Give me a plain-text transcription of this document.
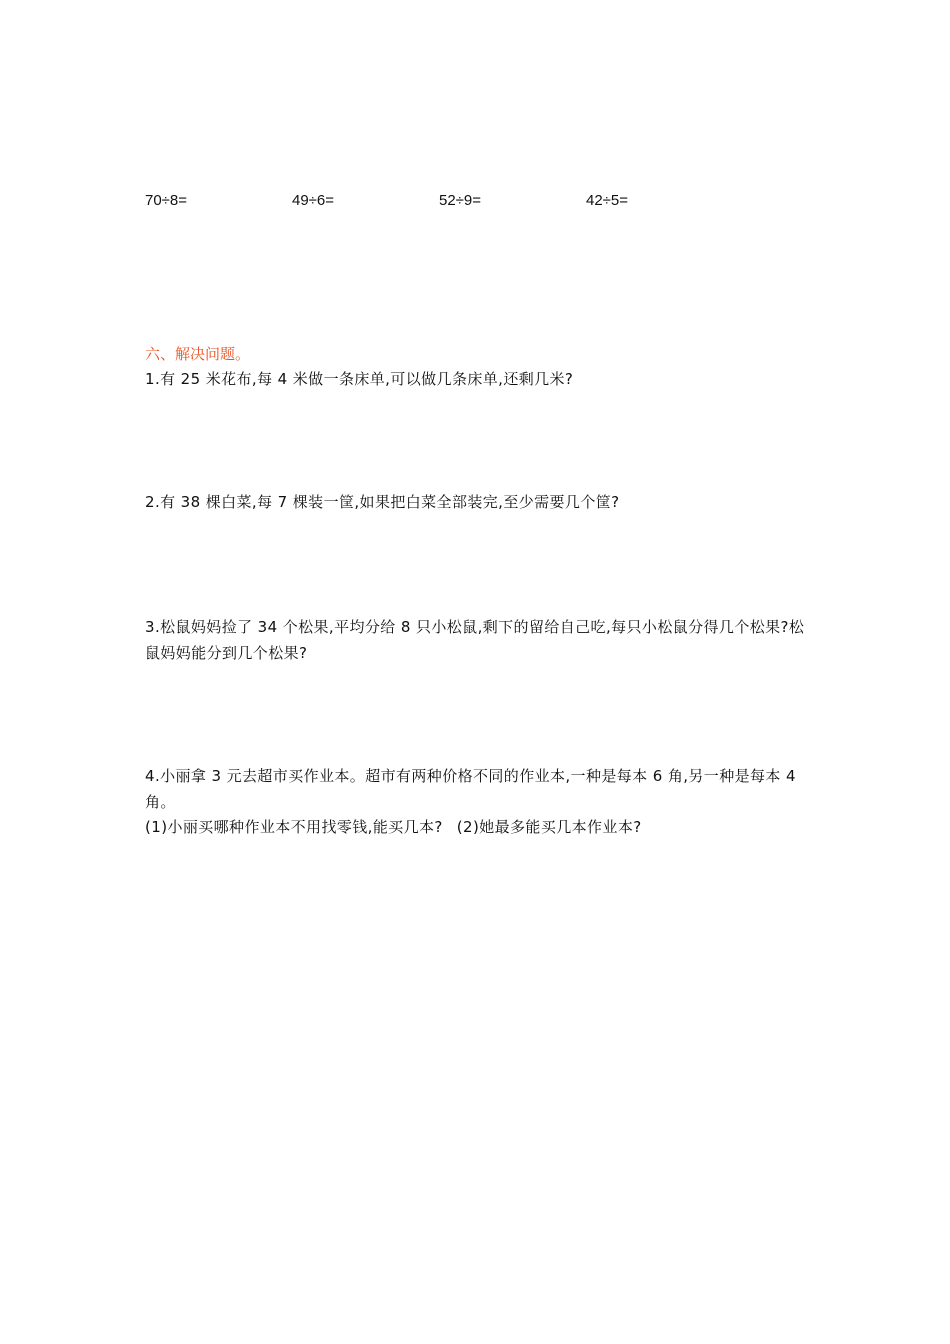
70÷8=	49÷6=	52÷9=	42÷5=
六、解决问题。
1.有 25 米花布,每 4 米做一条床单,可以做几条床单,还剩几米?
2.有 38 棵白菜,每 7 棵装一筐,如果把白菜全部装完,至少需要几个筐?
3.松鼠妈妈捡了 34 个松果,平均分给 8 只小松鼠,剩下的留给自己吃,每只小松鼠分得几个松果?松鼠妈妈能分到几个松果?
4.小丽拿 3 元去超市买作业本。超市有两种价格不同的作业本,一种是每本 6 角,另一种是每本 4 角。
(1)小丽买哪种作业本不用找零钱,能买几本? (2)她最多能买几本作业本?
